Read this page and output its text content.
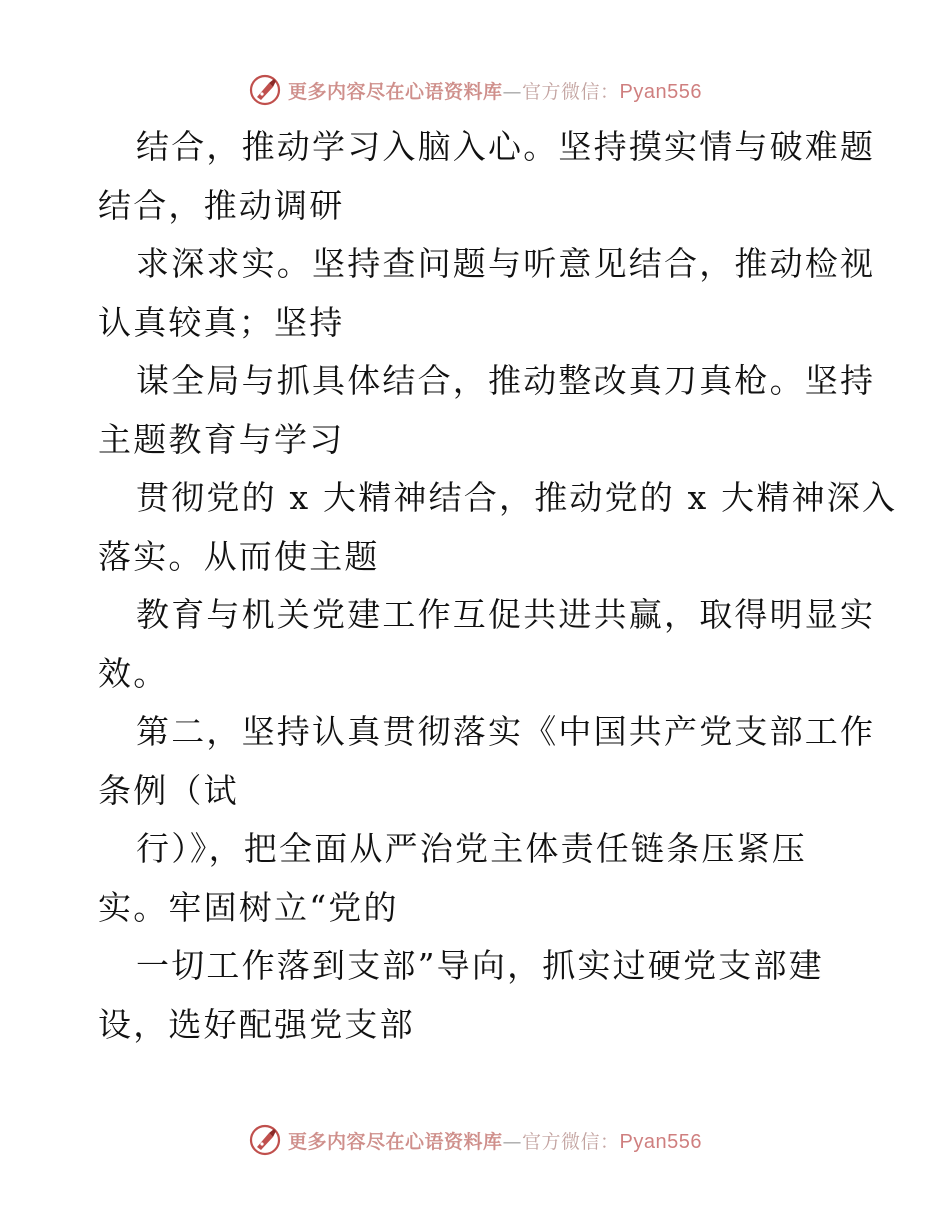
更多内容尽在心语资料库—官方微信：Pyan556
结合，推动学习入脑入心。坚持摸实情与破难题
结合，推动调研
求深求实。坚持查问题与听意见结合，推动检视
认真较真；坚持
谋全局与抓具体结合，推动整改真刀真枪。坚持
主题教育与学习
贯彻党的 x 大精神结合，推动党的 x 大精神深入
落实。从而使主题
教育与机关党建工作互促共进共赢，取得明显实
效。
第二，坚持认真贯彻落实《中国共产党支部工作
条例（试
行）》，把全面从严治党主体责任链条压紧压
实。牢固树立“党的
一切工作落到支部”导向，抓实过硬党支部建
设，选好配强党支部
更多内容尽在心语资料库—官方微信：Pyan556
